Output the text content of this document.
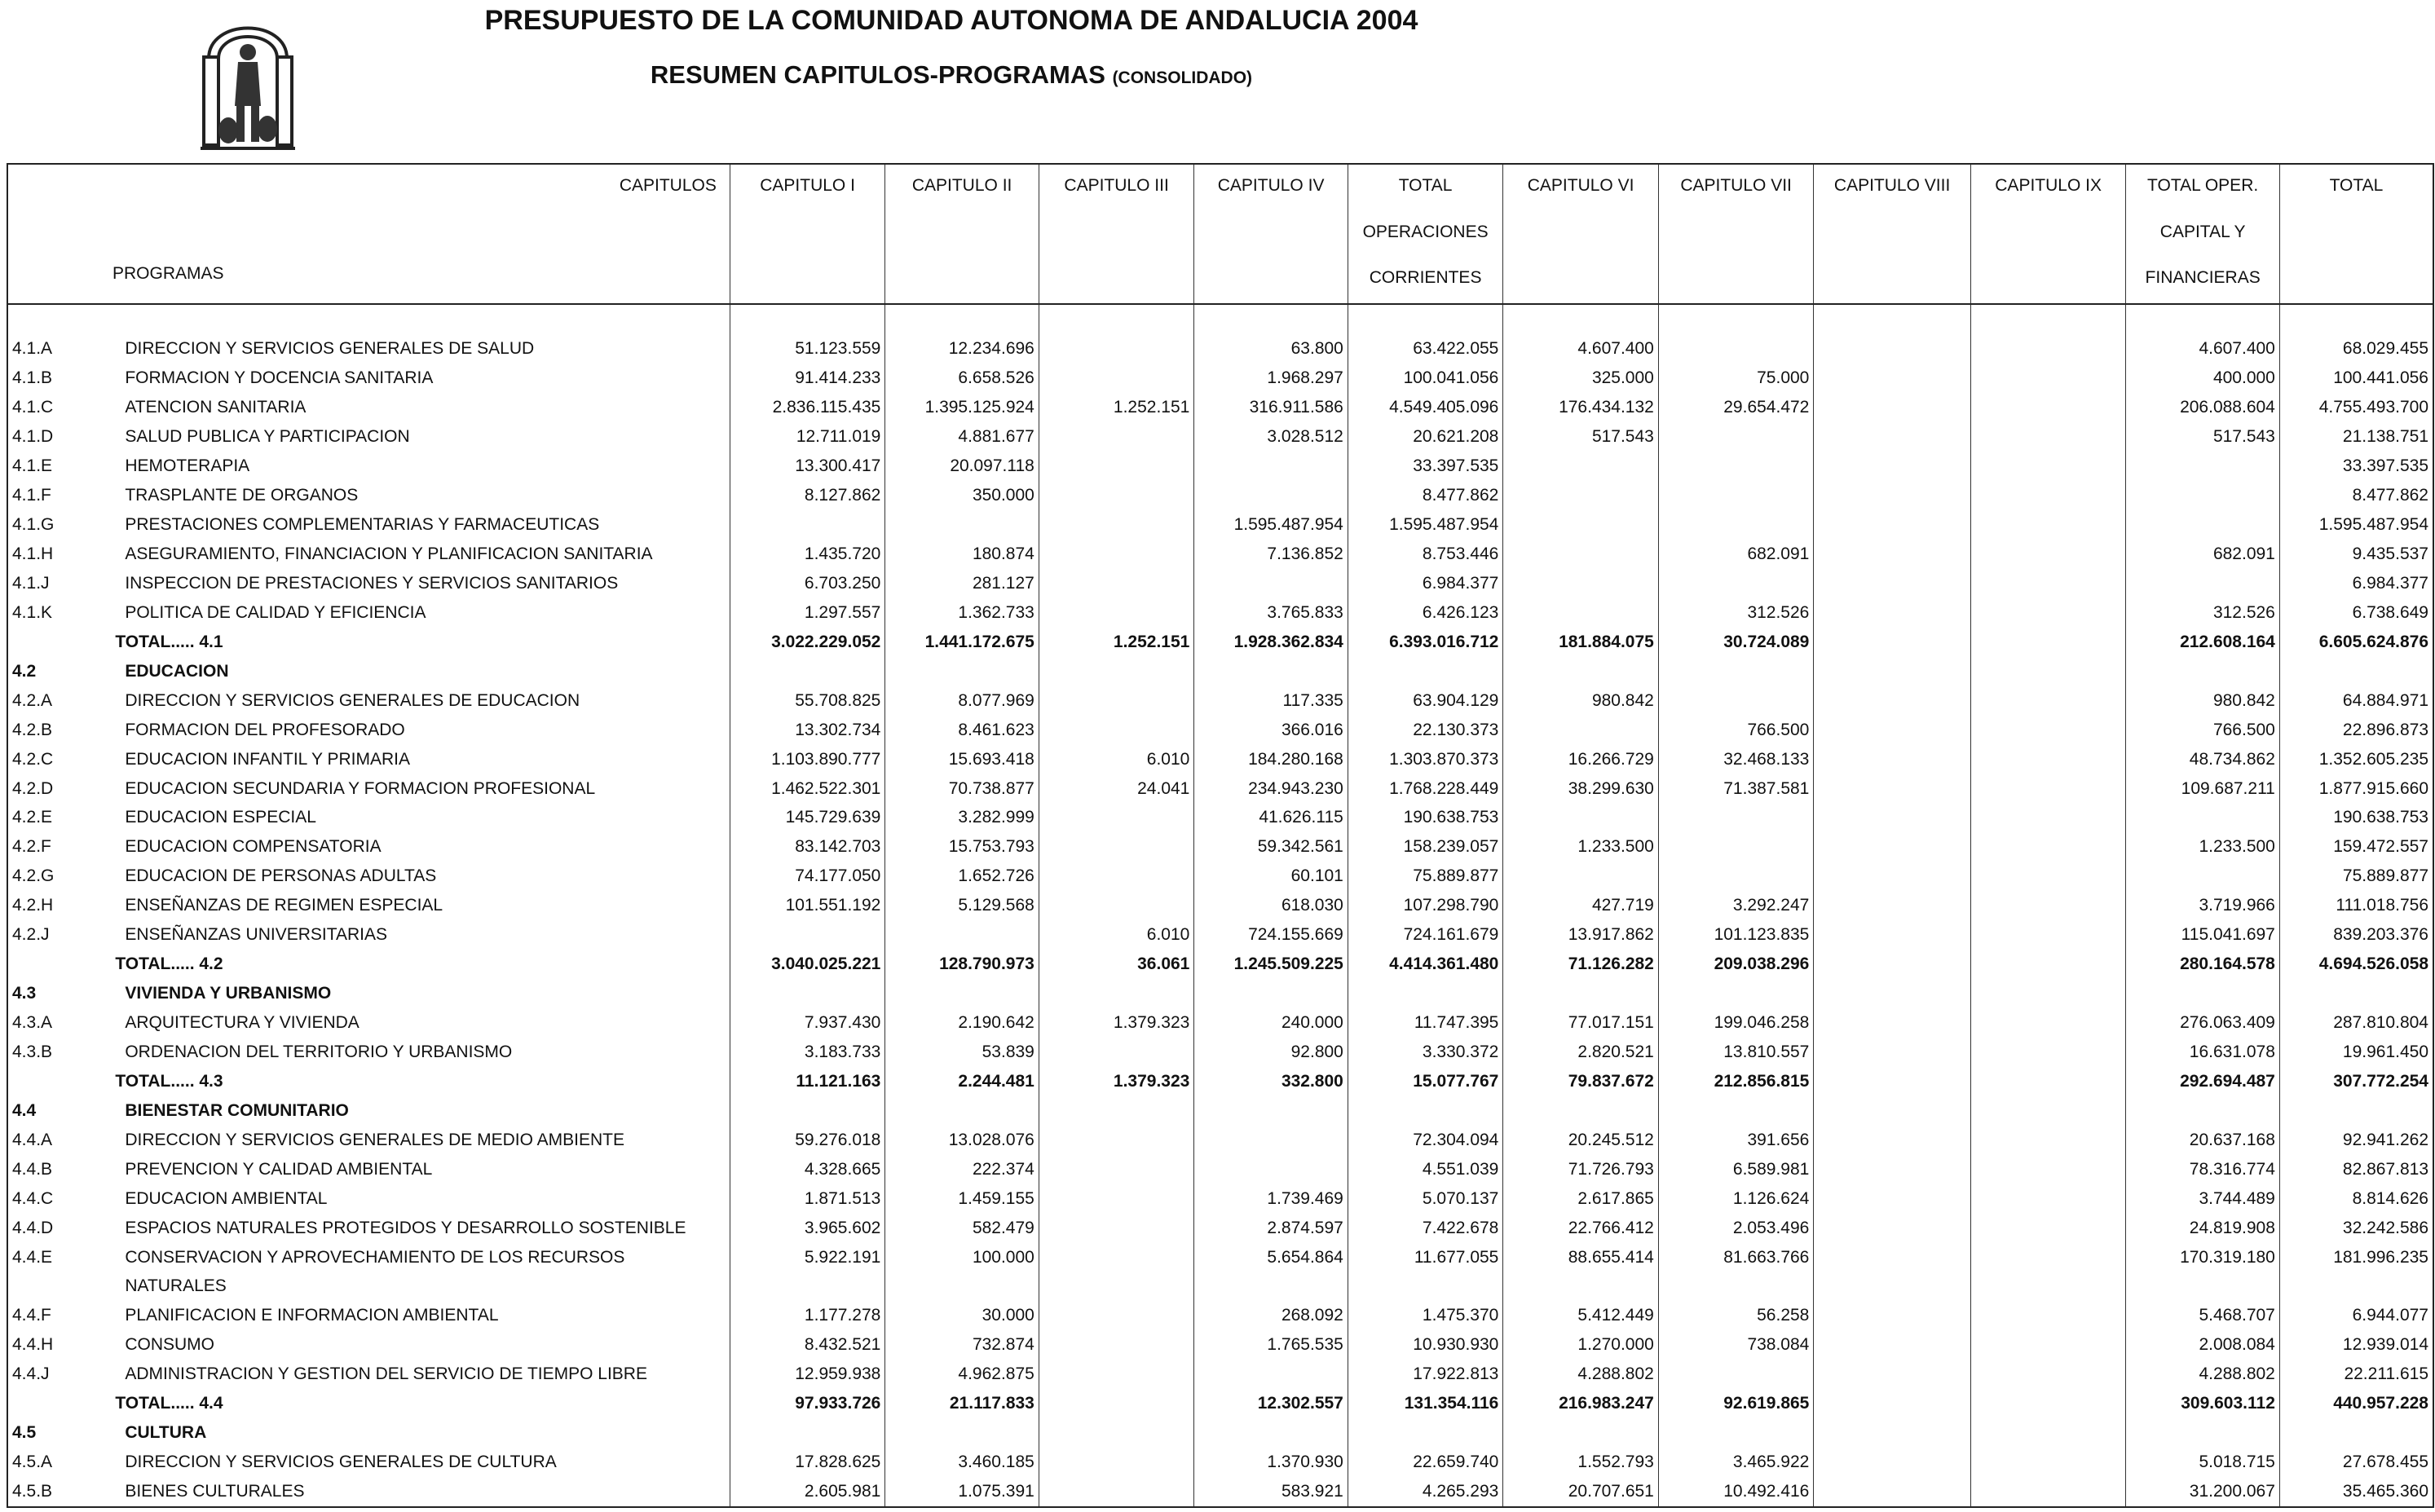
PRESUPUESTO DE LA COMUNIDAD AUTONOMA DE ANDALUCIA 2004
RESUMEN CAPITULOS-PROGRAMAS (CONSOLIDADO)
CAPITULOS
PROGRAMAS		CAPITULO I	CAPITULO II	CAPITULO III	CAPITULO IV	TOTAL	CAPITULO VI	CAPITULO VII	CAPITULO VIII	CAPITULO IX	TOTAL OPER.	TOTAL
						OPERACIONES					CAPITAL Y	
						CORRIENTES					FINANCIERAS	

4.1.A	DIRECCION Y SERVICIOS GENERALES DE SALUD	51.123.559	12.234.696		63.800	63.422.055	4.607.400				4.607.400	68.029.455
4.1.B	FORMACION Y DOCENCIA SANITARIA	91.414.233	6.658.526		1.968.297	100.041.056	325.000	75.000			400.000	100.441.056
4.1.C	ATENCION SANITARIA	2.836.115.435	1.395.125.924	1.252.151	316.911.586	4.549.405.096	176.434.132	29.654.472			206.088.604	4.755.493.700
4.1.D	SALUD PUBLICA Y PARTICIPACION	12.711.019	4.881.677		3.028.512	20.621.208	517.543				517.543	21.138.751
4.1.E	HEMOTERAPIA	13.300.417	20.097.118			33.397.535						33.397.535
4.1.F	TRASPLANTE DE ORGANOS	8.127.862	350.000			8.477.862						8.477.862
4.1.G	PRESTACIONES COMPLEMENTARIAS Y FARMACEUTICAS				1.595.487.954	1.595.487.954						1.595.487.954
4.1.H	ASEGURAMIENTO, FINANCIACION Y PLANIFICACION SANITARIA	1.435.720	180.874		7.136.852	8.753.446		682.091			682.091	9.435.537
4.1.J	INSPECCION DE PRESTACIONES Y SERVICIOS SANITARIOS	6.703.250	281.127			6.984.377						6.984.377
4.1.K	POLITICA DE CALIDAD Y EFICIENCIA	1.297.557	1.362.733		3.765.833	6.426.123		312.526			312.526	6.738.649
	TOTAL..... 4.1	3.022.229.052	1.441.172.675	1.252.151	1.928.362.834	6.393.016.712	181.884.075	30.724.089			212.608.164	6.605.624.876
4.2	EDUCACION											
4.2.A	DIRECCION Y SERVICIOS GENERALES DE EDUCACION	55.708.825	8.077.969		117.335	63.904.129	980.842				980.842	64.884.971
4.2.B	FORMACION DEL PROFESORADO	13.302.734	8.461.623		366.016	22.130.373		766.500			766.500	22.896.873
4.2.C	EDUCACION INFANTIL Y PRIMARIA	1.103.890.777	15.693.418	6.010	184.280.168	1.303.870.373	16.266.729	32.468.133			48.734.862	1.352.605.235
4.2.D	EDUCACION SECUNDARIA Y FORMACION PROFESIONAL	1.462.522.301	70.738.877	24.041	234.943.230	1.768.228.449	38.299.630	71.387.581			109.687.211	1.877.915.660
4.2.E	EDUCACION ESPECIAL	145.729.639	3.282.999		41.626.115	190.638.753						190.638.753
4.2.F	EDUCACION COMPENSATORIA	83.142.703	15.753.793		59.342.561	158.239.057	1.233.500				1.233.500	159.472.557
4.2.G	EDUCACION DE PERSONAS ADULTAS	74.177.050	1.652.726		60.101	75.889.877						75.889.877
4.2.H	ENSEÑANZAS DE REGIMEN ESPECIAL	101.551.192	5.129.568		618.030	107.298.790	427.719	3.292.247			3.719.966	111.018.756
4.2.J	ENSEÑANZAS UNIVERSITARIAS			6.010	724.155.669	724.161.679	13.917.862	101.123.835			115.041.697	839.203.376
	TOTAL..... 4.2	3.040.025.221	128.790.973	36.061	1.245.509.225	4.414.361.480	71.126.282	209.038.296			280.164.578	4.694.526.058
4.3	VIVIENDA Y URBANISMO											
4.3.A	ARQUITECTURA Y VIVIENDA	7.937.430	2.190.642	1.379.323	240.000	11.747.395	77.017.151	199.046.258			276.063.409	287.810.804
4.3.B	ORDENACION DEL TERRITORIO Y URBANISMO	3.183.733	53.839		92.800	3.330.372	2.820.521	13.810.557			16.631.078	19.961.450
	TOTAL..... 4.3	11.121.163	2.244.481	1.379.323	332.800	15.077.767	79.837.672	212.856.815			292.694.487	307.772.254
4.4	BIENESTAR COMUNITARIO											
4.4.A	DIRECCION Y SERVICIOS GENERALES DE MEDIO AMBIENTE	59.276.018	13.028.076			72.304.094	20.245.512	391.656			20.637.168	92.941.262
4.4.B	PREVENCION Y CALIDAD AMBIENTAL	4.328.665	222.374			4.551.039	71.726.793	6.589.981			78.316.774	82.867.813
4.4.C	EDUCACION AMBIENTAL	1.871.513	1.459.155		1.739.469	5.070.137	2.617.865	1.126.624			3.744.489	8.814.626
4.4.D	ESPACIOS NATURALES PROTEGIDOS Y DESARROLLO SOSTENIBLE	3.965.602	582.479		2.874.597	7.422.678	22.766.412	2.053.496			24.819.908	32.242.586
4.4.E	CONSERVACION Y APROVECHAMIENTO DE LOS RECURSOS	5.922.191	100.000		5.654.864	11.677.055	88.655.414	81.663.766			170.319.180	181.996.235
	NATURALES											
4.4.F	PLANIFICACION E INFORMACION AMBIENTAL	1.177.278	30.000		268.092	1.475.370	5.412.449	56.258			5.468.707	6.944.077
4.4.H	CONSUMO	8.432.521	732.874		1.765.535	10.930.930	1.270.000	738.084			2.008.084	12.939.014
4.4.J	ADMINISTRACION Y GESTION DEL SERVICIO DE TIEMPO LIBRE	12.959.938	4.962.875			17.922.813	4.288.802				4.288.802	22.211.615
	TOTAL..... 4.4	97.933.726	21.117.833		12.302.557	131.354.116	216.983.247	92.619.865			309.603.112	440.957.228
4.5	CULTURA											
4.5.A	DIRECCION Y SERVICIOS GENERALES DE CULTURA	17.828.625	3.460.185		1.370.930	22.659.740	1.552.793	3.465.922			5.018.715	27.678.455
4.5.B	BIENES CULTURALES	2.605.981	1.075.391		583.921	4.265.293	20.707.651	10.492.416			31.200.067	35.465.360
